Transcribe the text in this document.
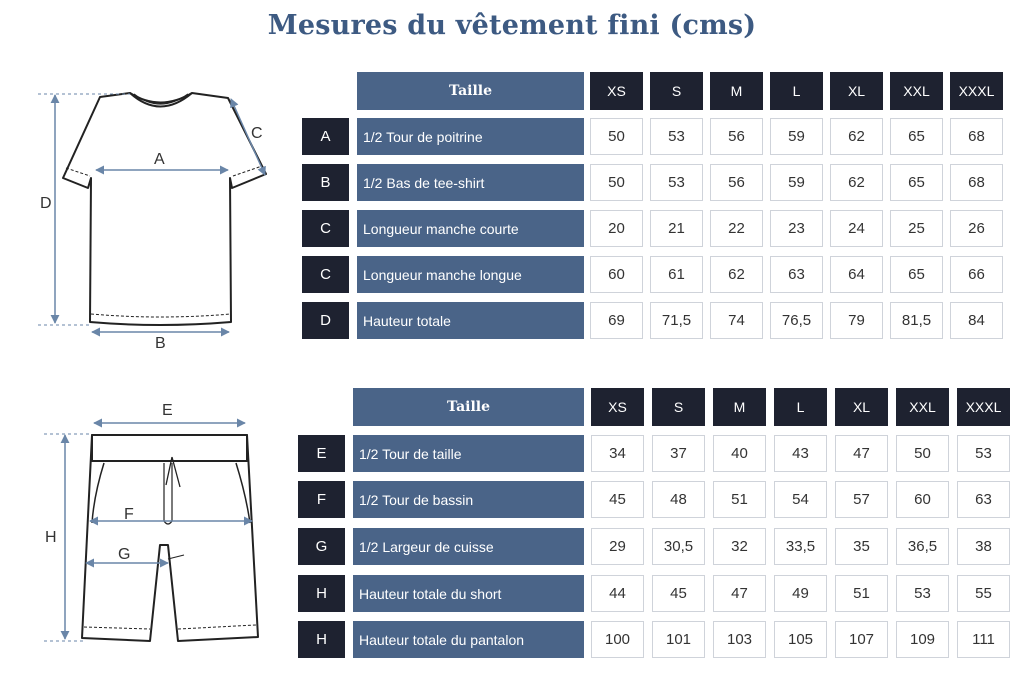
Mesures du vêtement fini (cms)
A
B
C
D
E
F
G
H
Taille	XS	S	M	L	XL	XXL	XXXL
A	1/2 Tour de poitrine	50	53	56	59	62	65	68
B	1/2 Bas de tee-shirt	50	53	56	59	62	65	68
C	Longueur manche courte	20	21	22	23	24	25	26
C	Longueur manche longue	60	61	62	63	64	65	66
D	Hauteur totale	69	71,5	74	76,5	79	81,5	84
Taille	XS	S	M	L	XL	XXL	XXXL
E	1/2 Tour de taille	34	37	40	43	47	50	53
F	1/2 Tour de bassin	45	48	51	54	57	60	63
G	1/2 Largeur de cuisse	29	30,5	32	33,5	35	36,5	38
H	Hauteur totale du short	44	45	47	49	51	53	55
H	Hauteur totale du pantalon	100	101	103	105	107	109	111
